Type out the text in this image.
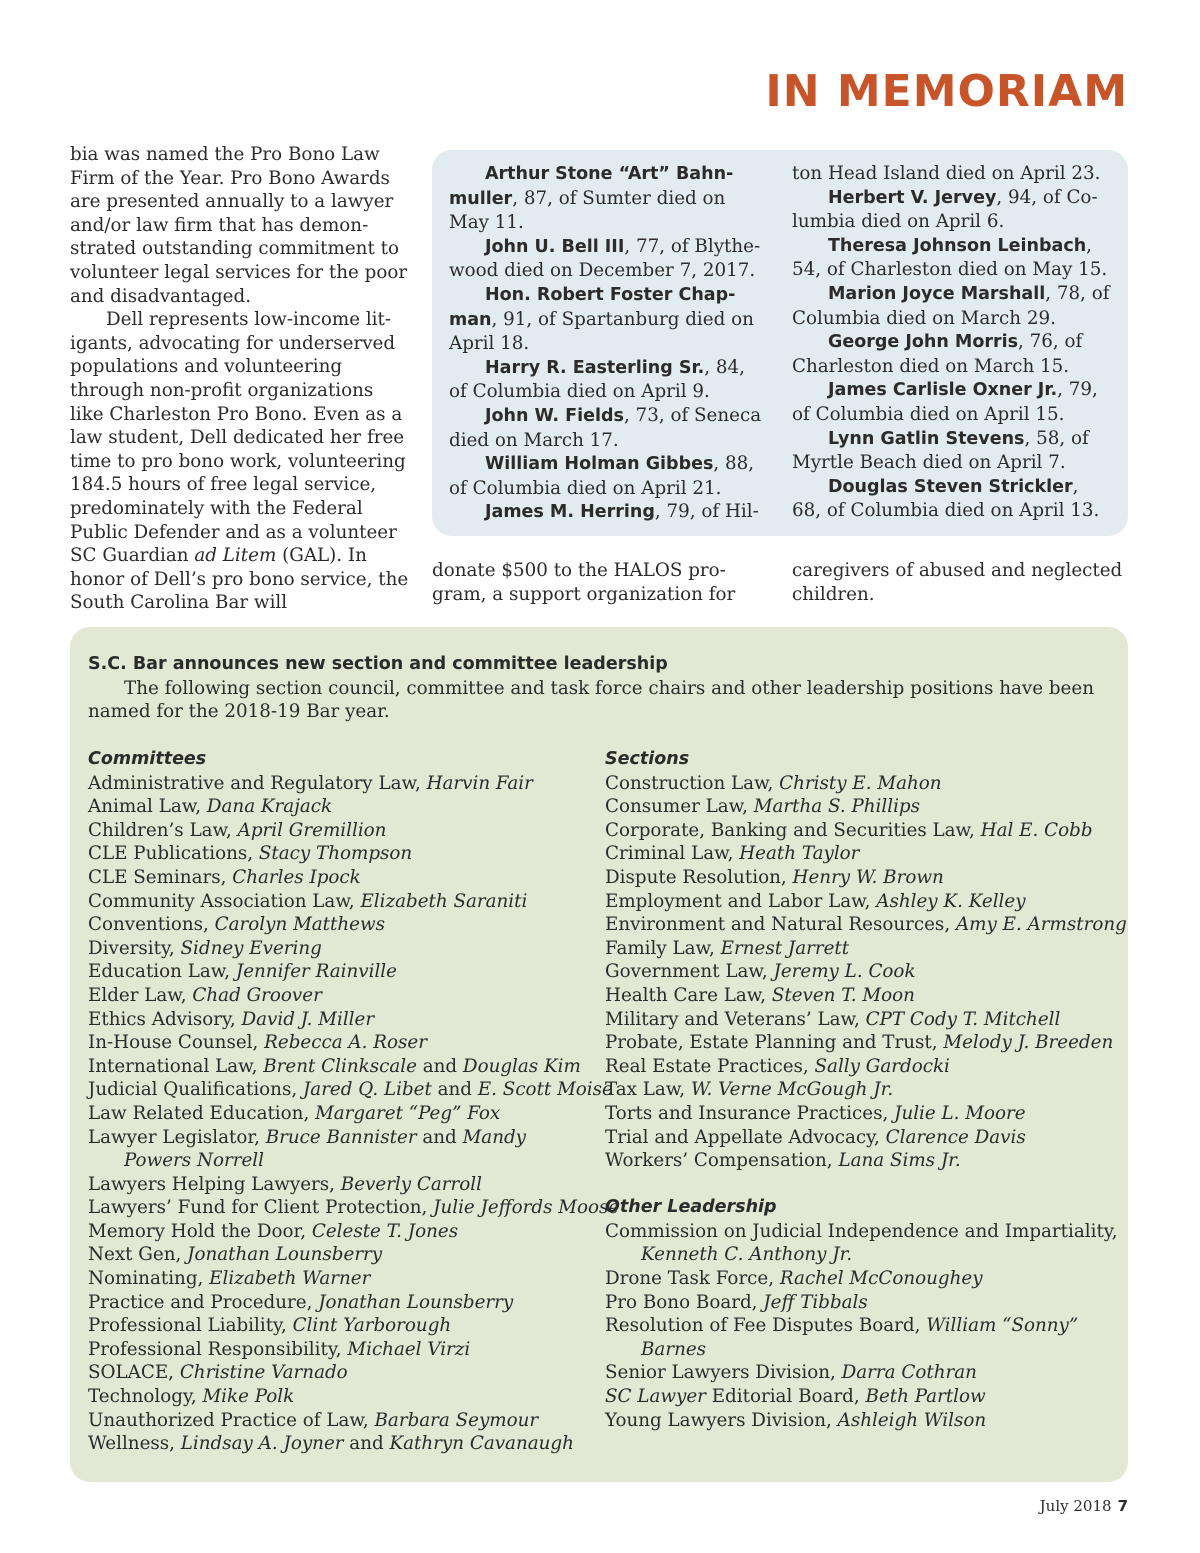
IN MEMORIAM

bia was named the Pro Bono Law Firm of the Year. Pro Bono Awards are presented annually to a lawyer and/or law firm that has demonstrated outstanding commitment to volunteer legal services for the poor and disadvantaged.

Dell represents low-income litigants, advocating for underserved populations and volunteering through non-profit organizations like Charleston Pro Bono. Even as a law student, Dell dedicated her free time to pro bono work, volunteering 184.5 hours of free legal service, predominately with the Federal Public Defender and as a volunteer SC Guardian ad Litem (GAL). In honor of Dell’s pro bono service, the South Carolina Bar will

Arthur Stone “Art” Bahnmuller, 87, of Sumter died on May 11.
John U. Bell III, 77, of Blythewood died on December 7, 2017.
Hon. Robert Foster Chapman, 91, of Spartanburg died on April 18.
Harry R. Easterling Sr., 84, of Columbia died on April 9.
John W. Fields, 73, of Seneca died on March 17.
William Holman Gibbes, 88, of Columbia died on April 21.
James M. Herring, 79, of Hil-
ton Head Island died on April 23.
Herbert V. Jervey, 94, of Columbia died on April 6.
Theresa Johnson Leinbach, 54, of Charleston died on May 15.
Marion Joyce Marshall, 78, of Columbia died on March 29.
George John Morris, 76, of Charleston died on March 15.
James Carlisle Oxner Jr., 79, of Columbia died on April 15.
Lynn Gatlin Stevens, 58, of Myrtle Beach died on April 7.
Douglas Steven Strickler, 68, of Columbia died on April 13.
donate $500 to the HALOS program, a support organization for
caregivers of abused and neglected children.
S.C. Bar announces new section and committee leadership

The following section council, committee and task force chairs and other leadership positions have been named for the 2018-19 Bar year.

Committees
Administrative and Regulatory Law, Harvin Fair
Animal Law, Dana Krajack
Children’s Law, April Gremillion
CLE Publications, Stacy Thompson
CLE Seminars, Charles Ipock
Community Association Law, Elizabeth Saraniti
Conventions, Carolyn Matthews
Diversity, Sidney Evering
Education Law, Jennifer Rainville
Elder Law, Chad Groover
Ethics Advisory, David J. Miller
In-House Counsel, Rebecca A. Roser
International Law, Brent Clinkscale and Douglas Kim
Judicial Qualifications, Jared Q. Libet and E. Scott Moise
Law Related Education, Margaret “Peg” Fox
Lawyer Legislator, Bruce Bannister and Mandy Powers Norrell
Lawyers Helping Lawyers, Beverly Carroll
Lawyers’ Fund for Client Protection, Julie Jeffords Moose
Memory Hold the Door, Celeste T. Jones
Next Gen, Jonathan Lounsberry
Nominating, Elizabeth Warner
Practice and Procedure, Jonathan Lounsberry
Professional Liability, Clint Yarborough
Professional Responsibility, Michael Virzi
SOLACE, Christine Varnado
Technology, Mike Polk
Unauthorized Practice of Law, Barbara Seymour
Wellness, Lindsay A. Joyner and Kathryn Cavanaugh
Sections
Construction Law, Christy E. Mahon
Consumer Law, Martha S. Phillips
Corporate, Banking and Securities Law, Hal E. Cobb
Criminal Law, Heath Taylor
Dispute Resolution, Henry W. Brown
Employment and Labor Law, Ashley K. Kelley
Environment and Natural Resources, Amy E. Armstrong
Family Law, Ernest Jarrett
Government Law, Jeremy L. Cook
Health Care Law, Steven T. Moon
Military and Veterans’ Law, CPT Cody T. Mitchell
Probate, Estate Planning and Trust, Melody J. Breeden
Real Estate Practices, Sally Gardocki
Tax Law, W. Verne McGough Jr.
Torts and Insurance Practices, Julie L. Moore
Trial and Appellate Advocacy, Clarence Davis
Workers’ Compensation, Lana Sims Jr.
Other Leadership
Commission on Judicial Independence and Impartiality, Kenneth C. Anthony Jr.
Drone Task Force, Rachel McConoughey
Pro Bono Board, Jeff Tibbals
Resolution of Fee Disputes Board, William “Sonny” Barnes
Senior Lawyers Division, Darra Cothran
SC Lawyer Editorial Board, Beth Partlow
Young Lawyers Division, Ashleigh Wilson
July 2018 7
